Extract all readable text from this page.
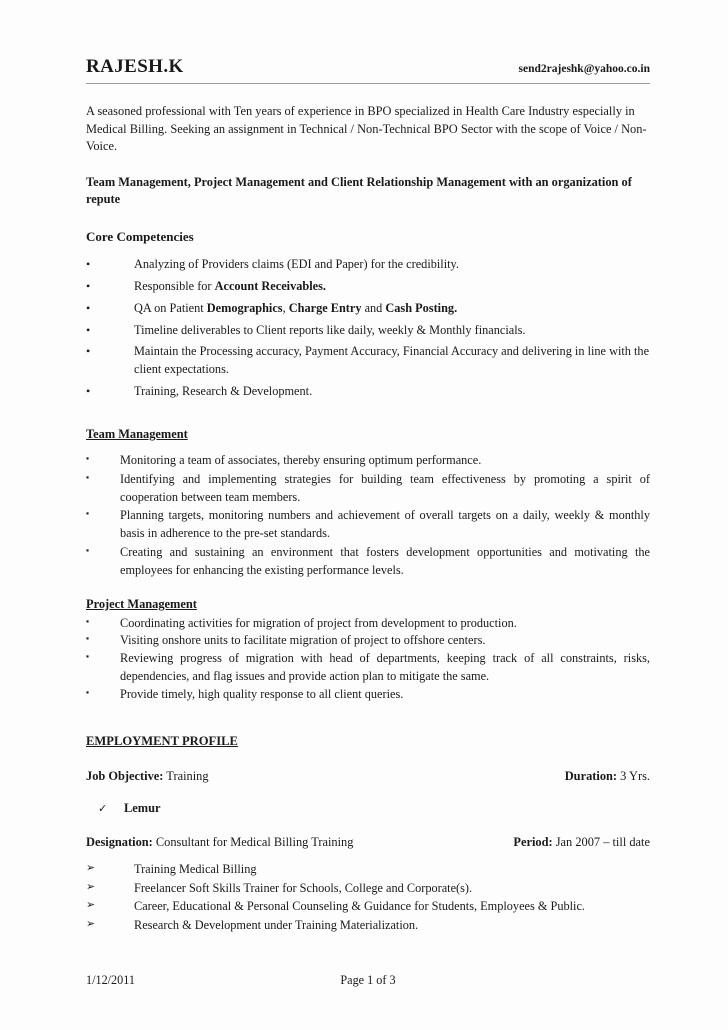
RAJESH.K	send2rajeshk@yahoo.co.in
A seasoned professional with Ten years of experience in BPO specialized in Health Care Industry especially in Medical Billing. Seeking an assignment in Technical / Non-Technical BPO Sector with the scope of Voice / Non-Voice.
Team Management, Project Management and Client Relationship Management with an organization of repute
Core Competencies
•	Analyzing of Providers claims (EDI and Paper) for the credibility.
•	Responsible for Account Receivables.
•	QA on Patient Demographics, Charge Entry and Cash Posting.
•	Timeline deliverables to Client reports like daily, weekly & Monthly financials.
•	Maintain the Processing accuracy, Payment Accuracy, Financial Accuracy and delivering in line with the client expectations.
•	Training, Research & Development.
Team Management
▪	Monitoring a team of associates, thereby ensuring optimum performance.
▪	Identifying and implementing strategies for building team effectiveness by promoting a spirit of cooperation between team members.
▪	Planning targets, monitoring numbers and achievement of overall targets on a daily, weekly & monthly basis in adherence to the pre-set standards.
▪	Creating and sustaining an environment that fosters development opportunities and motivating the employees for enhancing the existing performance levels.
Project Management
▪	Coordinating activities for migration of project from development to production.
▪	Visiting onshore units to facilitate migration of project to offshore centers.
▪	Reviewing progress of migration with head of departments, keeping track of all constraints, risks, dependencies, and flag issues and provide action plan to mitigate the same.
▪	Provide timely, high quality response to all client queries.
EMPLOYMENT PROFILE
Job Objective: Training	Duration: 3 Yrs.
✓	Lemur
Designation: Consultant for Medical Billing Training	Period: Jan 2007 – till date
➢	Training Medical Billing
➢	Freelancer Soft Skills Trainer for Schools, College and Corporate(s).
➢	Career, Educational & Personal Counseling & Guidance for Students, Employees & Public.
➢	Research & Development under Training Materialization.
1/12/2011	Page 1 of 3
